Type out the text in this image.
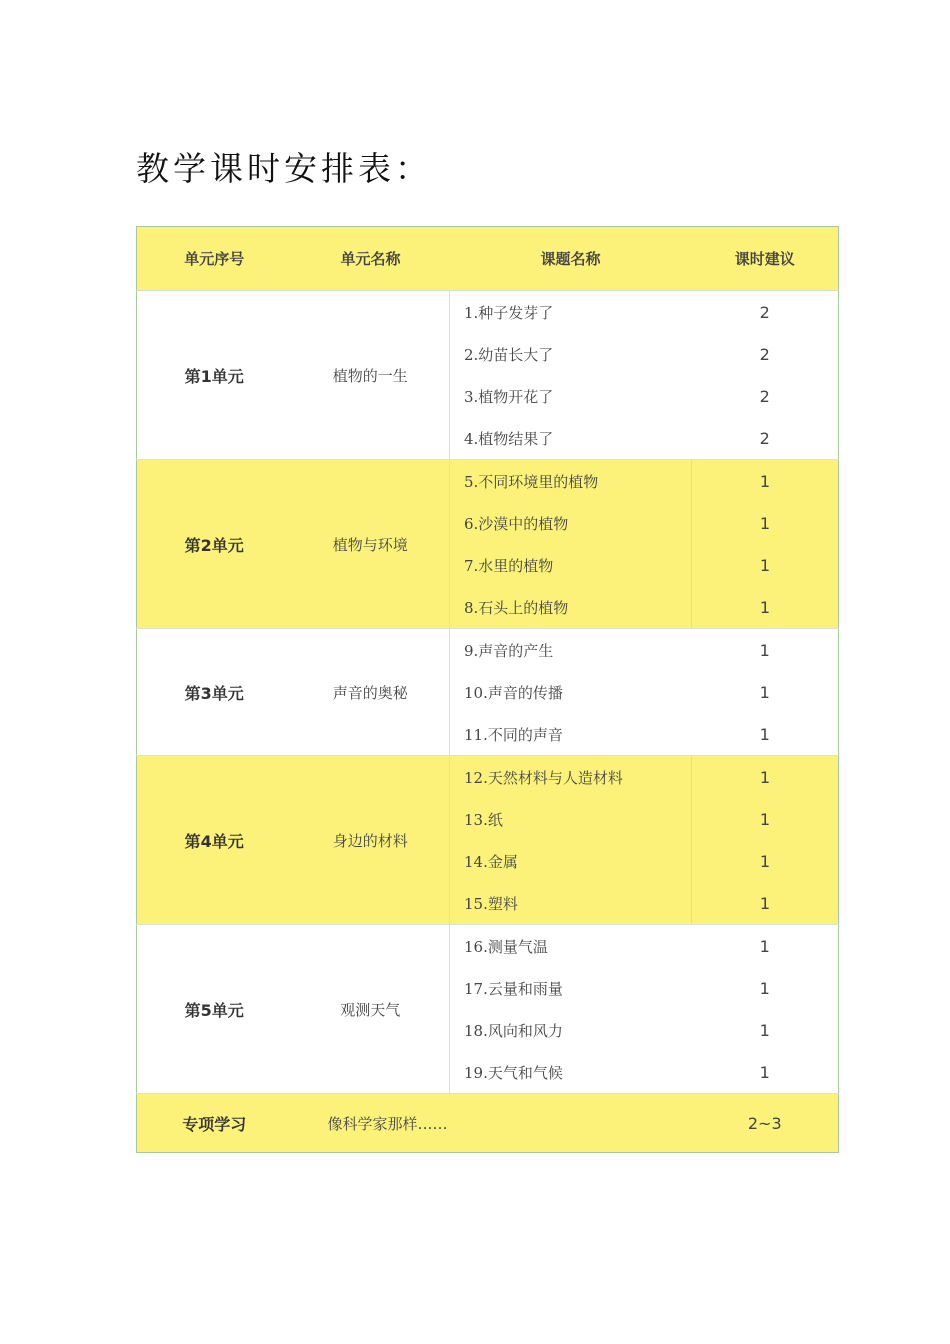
教学课时安排表：
单元序号	单元名称	课题名称	课时建议
第1单元	植物的一生	1.种子发芽了	2
		2.幼苗长大了	2
		3.植物开花了	2
		4.植物结果了	2
第2单元	植物与环境	5.不同环境里的植物	1
		6.沙漠中的植物	1
		7.水里的植物	1
		8.石头上的植物	1
第3单元	声音的奥秘	9.声音的产生	1
		10.声音的传播	1
		11.不同的声音	1
第4单元	身边的材料	12.天然材料与人造材料	1
		13.纸	1
		14.金属	1
		15.塑料	1
第5单元	观测天气	16.测量气温	1
		17.云量和雨量	1
		18.风向和风力	1
		19.天气和气候	1
专项学习	像科学家那样……		2~3
